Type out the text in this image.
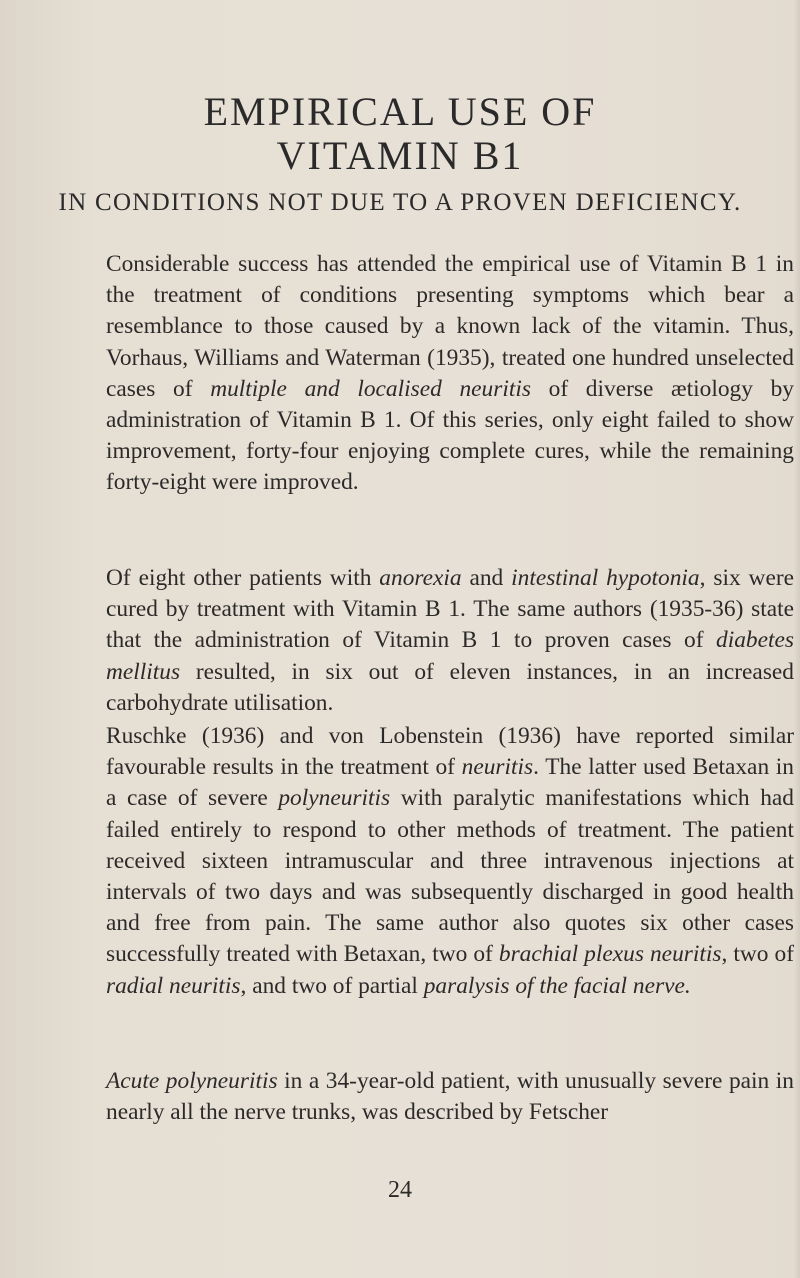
EMPIRICAL USE OF
VITAMIN B1
IN CONDITIONS NOT DUE TO A PROVEN DEFICIENCY.

Considerable success has attended the empirical use of Vitamin B 1 in the treatment of conditions presenting symptoms which bear a resemblance to those caused by a known lack of the vitamin. Thus, Vorhaus, Williams and Waterman (1935), treated one hundred unselected cases of multiple and localised neuritis of diverse ætiology by administration of Vitamin B 1. Of this series, only eight failed to show improvement, forty-four enjoying complete cures, while the remaining forty-eight were improved.

Of eight other patients with anorexia and intestinal hypotonia, six were cured by treatment with Vitamin B 1. The same authors (1935-36) state that the administration of Vitamin B 1 to proven cases of diabetes mellitus resulted, in six out of eleven instances, in an increased carbohydrate utilisation.

Ruschke (1936) and von Lobenstein (1936) have reported similar favourable results in the treatment of neuritis. The latter used Betaxan in a case of severe polyneuritis with paralytic manifestations which had failed entirely to respond to other methods of treatment. The patient received sixteen intramuscular and three intravenous injections at intervals of two days and was subsequently discharged in good health and free from pain. The same author also quotes six other cases successfully treated with Betaxan, two of brachial plexus neuritis, two of radial neuritis, and two of partial paralysis of the facial nerve.

Acute polyneuritis in a 34-year-old patient, with unusually severe pain in nearly all the nerve trunks, was described by Fetscher

24
